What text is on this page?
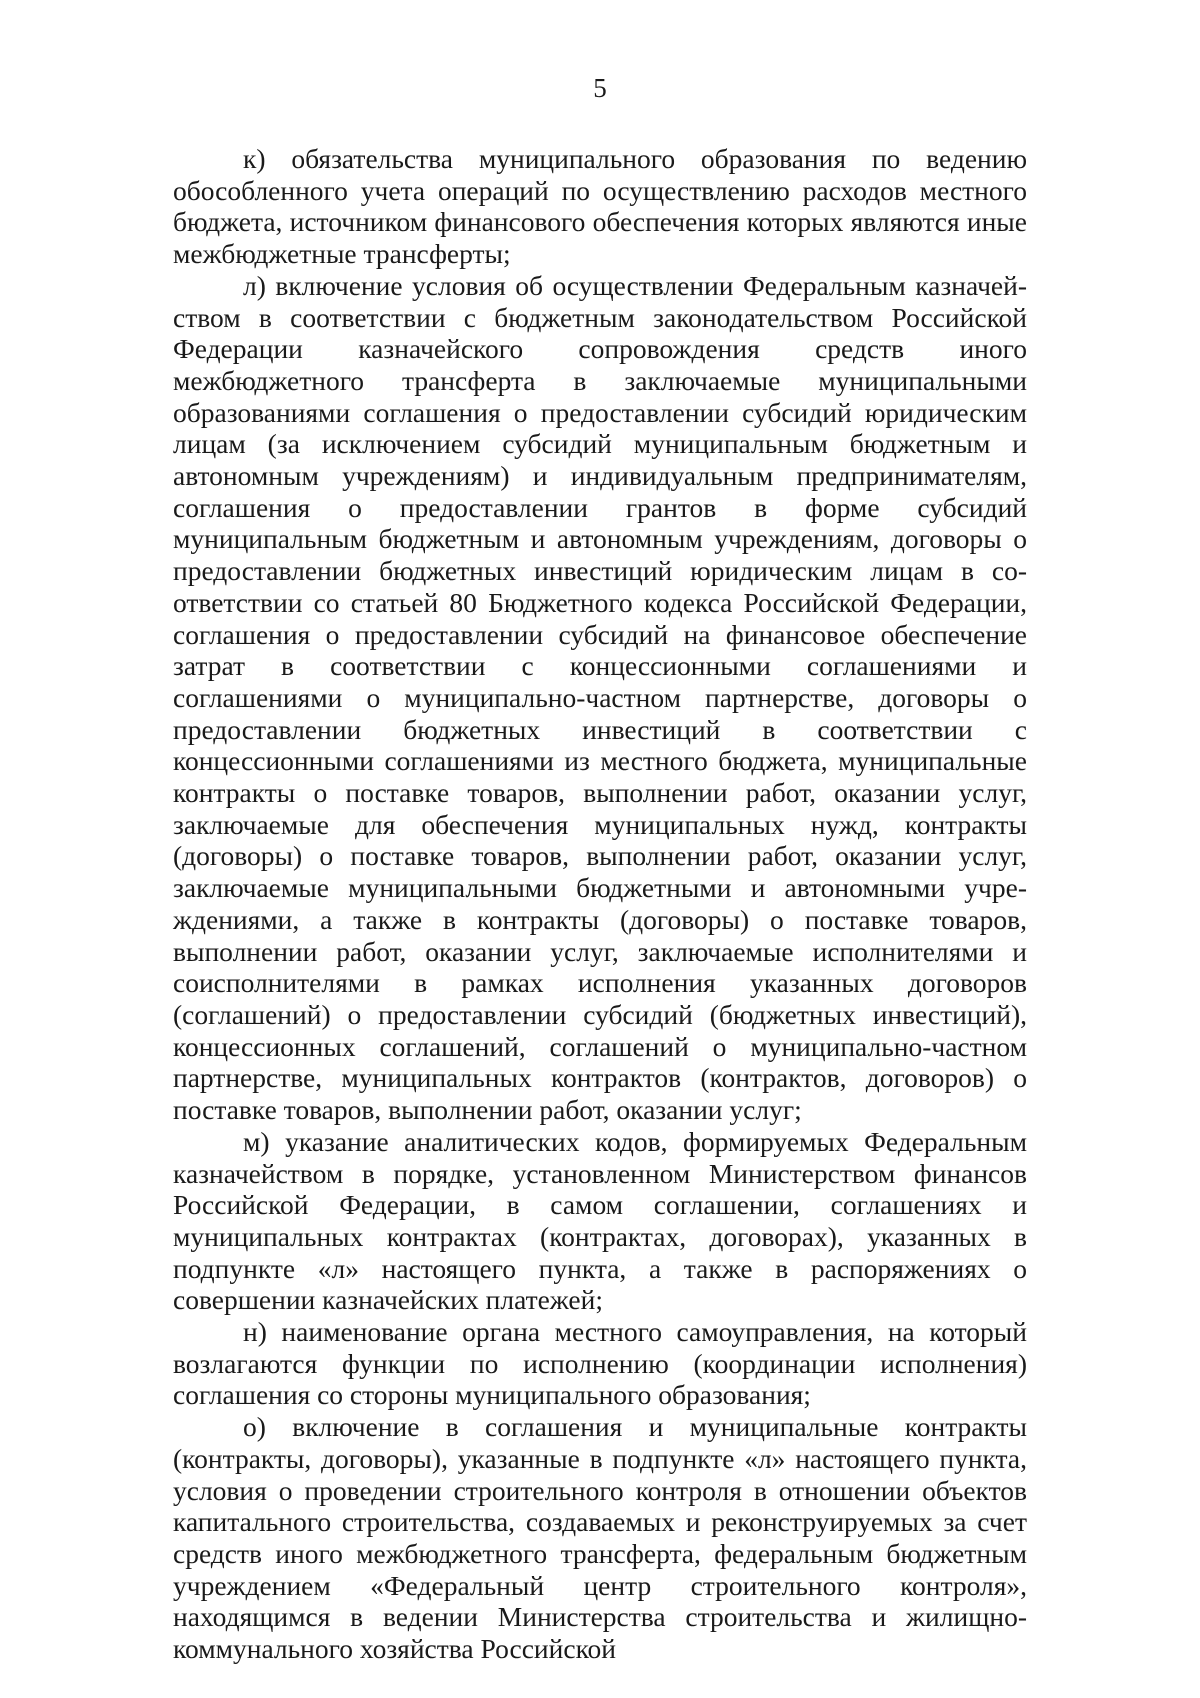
5

к) обязательства муниципального образования по ведению обособленного учета операций по осуществлению расходов местного бюджета, источником финансового обеспечения которых являются иные межбюджетные трансферты;

л) включение условия об осуществлении Федеральным казначейством в соответствии с бюджетным законодательством Российской Федерации казначейского сопровождения средств иного межбюджетного трансферта в заключаемые муниципальными образованиями соглашения о предоставлении субсидий юридическим лицам (за исключением субсидий муниципальным бюджетным и автономным учреждениям) и индивидуальным предпринимателям, соглашения о предоставлении грантов в форме субсидий муниципальным бюджетным и автономным учреждениям, договоры о предоставлении бюджетных инвестиций юридическим лицам в соответствии со статьей 80 Бюджетного кодекса Российской Федерации, соглашения о предоставлении субсидий на финансовое обеспечение затрат в соответствии с концессионными соглашениями и соглашениями о муниципально-частном партнерстве, договоры о предоставлении бюджетных инвестиций в соответствии с концессионными соглашениями из местного бюджета, муниципальные контракты о поставке товаров, выполнении работ, оказании услуг, заключаемые для обеспечения муниципальных нужд, контракты (договоры) о поставке товаров, выполнении работ, оказании услуг, заключаемые муниципальными бюджетными и автономными учреждениями, а также в контракты (договоры) о поставке товаров, выполнении работ, оказании услуг, заключаемые исполнителями и соисполнителями в рамках исполнения указанных договоров (соглашений) о предоставлении субсидий (бюджетных инвестиций), концессионных соглашений, соглашений о муниципально-частном партнерстве, муниципальных контрактов (контрактов, договоров) о поставке товаров, выполнении работ, оказании услуг;

м) указание аналитических кодов, формируемых Федеральным казначейством в порядке, установленном Министерством финансов Российской Федерации, в самом соглашении, соглашениях и муниципальных контрактах (контрактах, договорах), указанных в подпункте «л» настоящего пункта, а также в распоряжениях о совершении казначейских платежей;

н) наименование органа местного самоуправления, на который возлагаются функции по исполнению (координации исполнения) соглашения со стороны муниципального образования;

о) включение в соглашения и муниципальные контракты (контракты, договоры), указанные в подпункте «л» настоящего пункта, условия о проведении строительного контроля в отношении объектов капитального строительства, создаваемых и реконструируемых за счет средств иного межбюджетного трансферта, федеральным бюджетным учреждением «Федеральный центр строительного контроля», находящимся в ведении Министерства строительства и жилищно-коммунального хозяйства Российской
